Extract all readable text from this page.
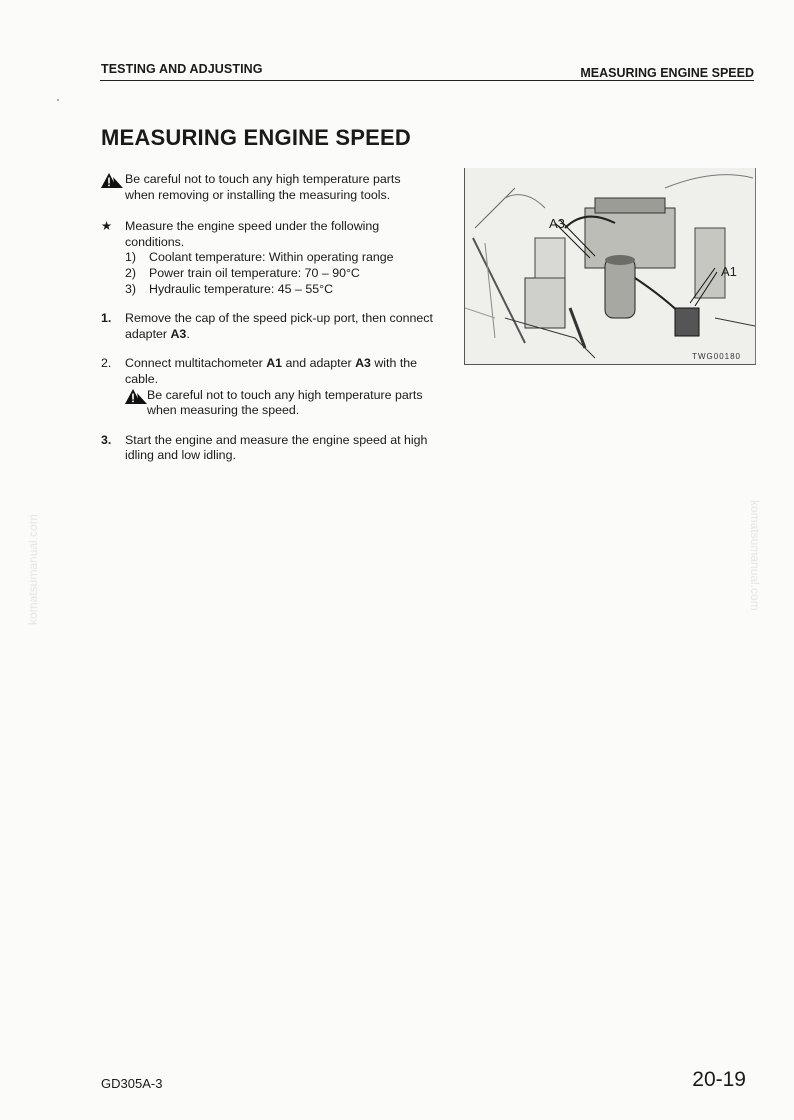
TESTING AND ADJUSTING	MEASURING ENGINE SPEED
MEASURING ENGINE SPEED
Be careful not to touch any high temperature parts when removing or installing the measuring tools.
★ Measure the engine speed under the following conditions.
1) Coolant temperature: Within operating range
2) Power train oil temperature: 70 – 90°C
3) Hydraulic temperature: 45 – 55°C
1. Remove the cap of the speed pick-up port, then connect adapter A3.
2. Connect multitachometer A1 and adapter A3 with the cable.
Be careful not to touch any high temperature parts when measuring the speed.
3. Start the engine and measure the engine speed at high idling and low idling.
A3
A1
TWG00180
komatsumanual.com	komatsumanual.com
GD305A-3	20-19
